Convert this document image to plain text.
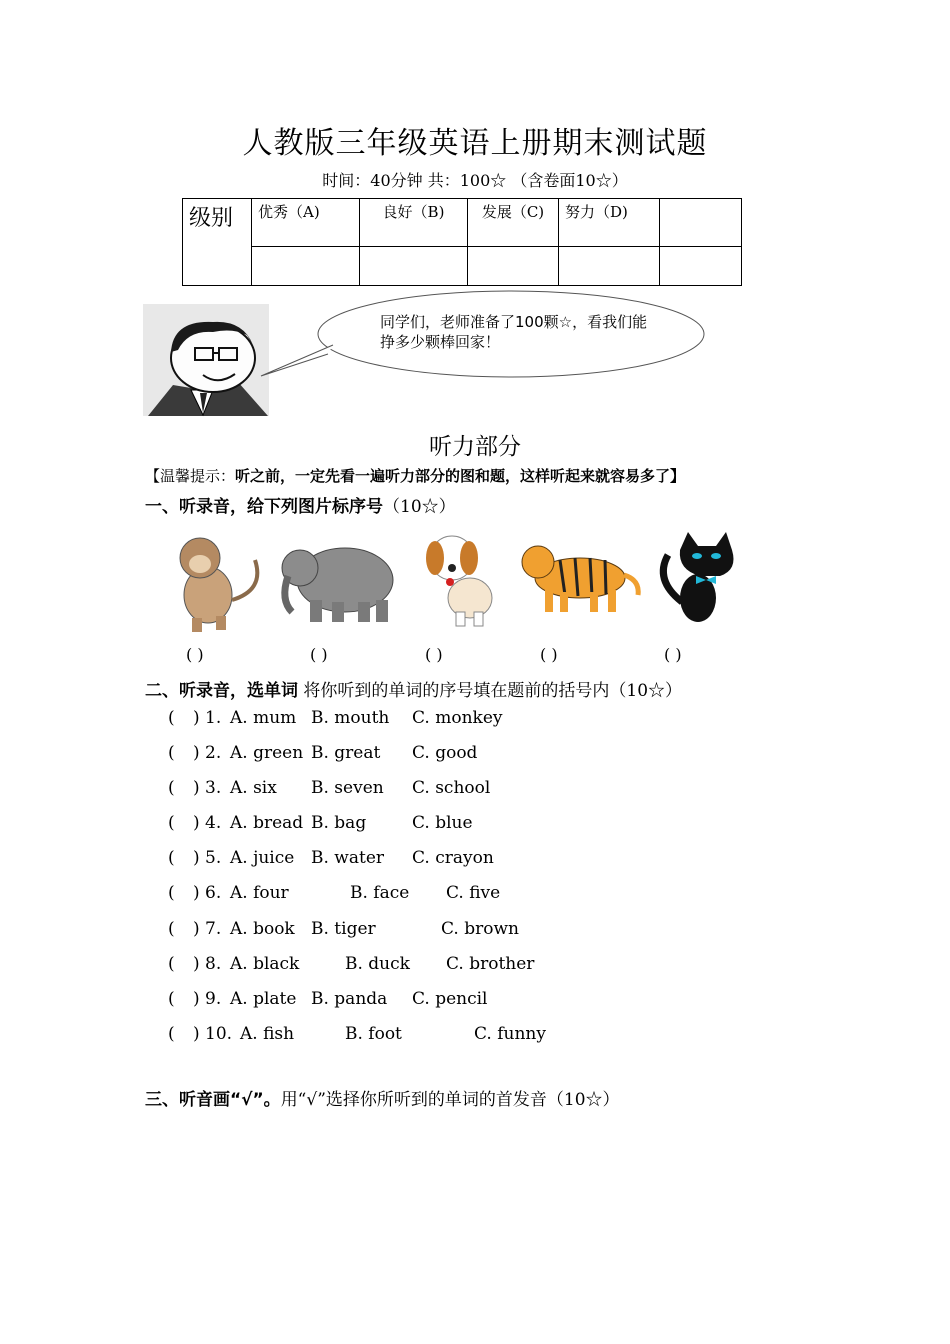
人教版三年级英语上册期末测试题
时间：40分钟 共：100☆ （含卷面10☆）
级别	优秀（A)	良好（B)	发展（C)	努力（D)	

同学们，老师准备了100颗☆，看我们能挣多少颗棒回家！
听力部分
【温馨提示：听之前，一定先看一遍听力部分的图和题，这样听起来就容易多了】
一、听录音，给下列图片标序号（10☆）
( )	( )	( )	( )	( )
二、听录音，选单词 将你听到的单词的序号填在题前的括号内（10☆）
( ) 1. A. mum B. mouth C. monkey
( ) 2. A. green B. great C. good
( ) 3. A. six B. seven C. school
( ) 4. A. bread B. bag	C. blue
( ) 5. A. juice B. water C. crayon
( ) 6. A. four	B. face C. five
( ) 7. A. book B. tiger	C. brown
( ) 8. A. black	B. duck C. brother
( ) 9. A. plate B. panda C. pencil
( ) 10. A. fish	B. foot	C. funny
三、听音画“√”。用“√”选择你所听到的单词的首发音（10☆）
